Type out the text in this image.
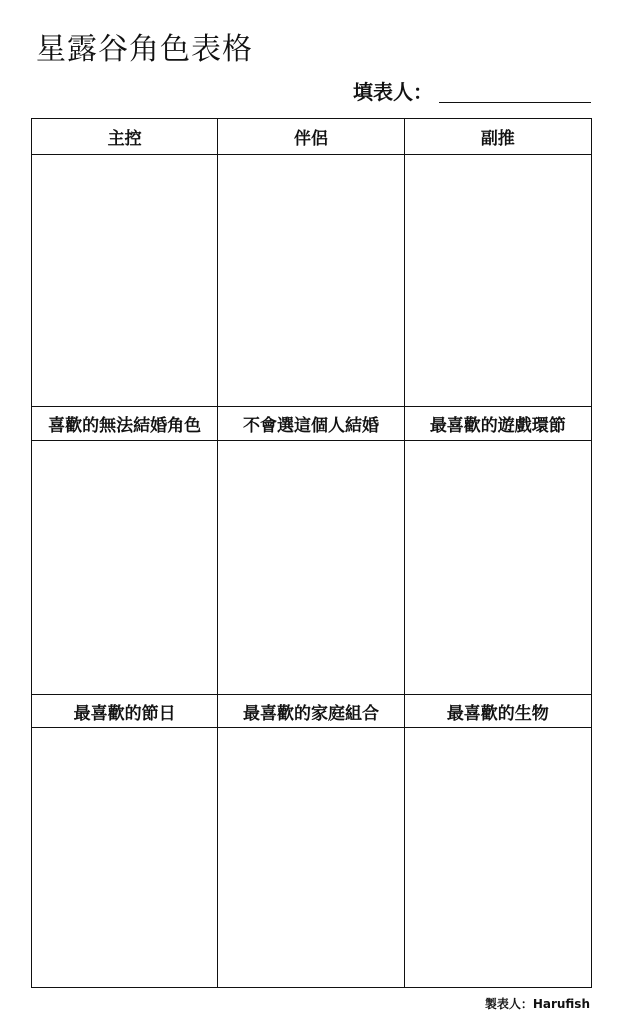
星露谷角色表格
填表人：
主控	伴侶	副推
喜歡的無法結婚角色	不會選這個人結婚	最喜歡的遊戲環節
最喜歡的節日	最喜歡的家庭組合	最喜歡的生物
製表人：Harufish
